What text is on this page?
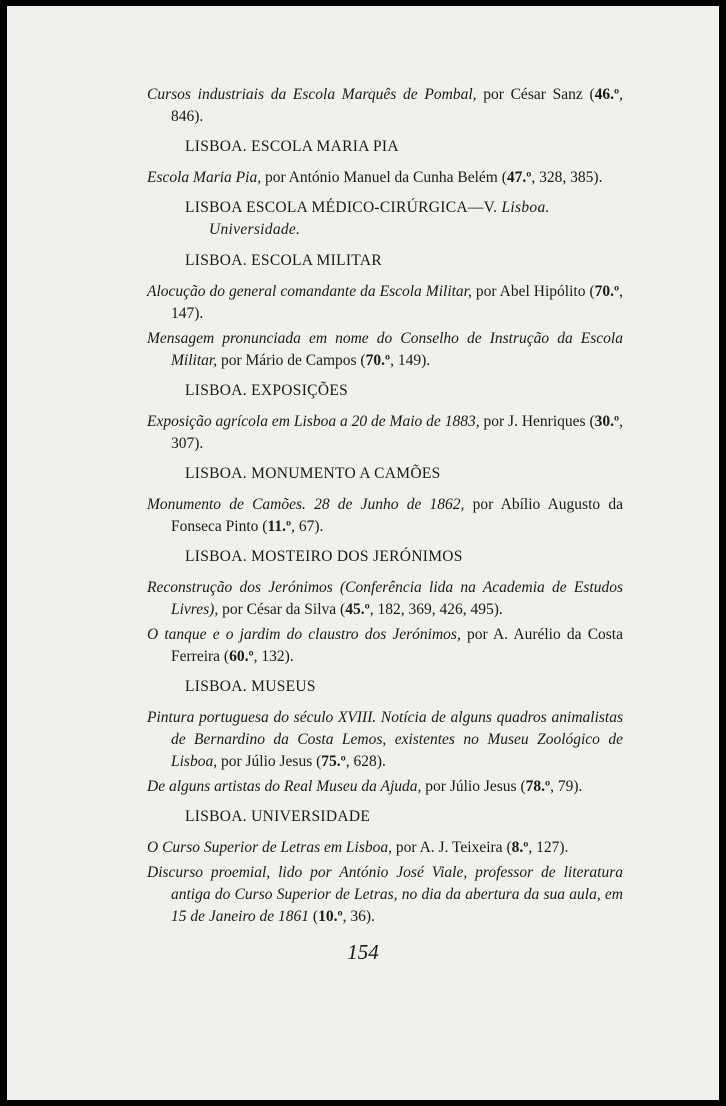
Cursos industriais da Escola Marquês de Pombal, por César Sanz (46.º, 846).
LISBOA. ESCOLA MARIA PIA
Escola Maria Pia, por António Manuel da Cunha Belém (47.º, 328, 385).
LISBOA ESCOLA MÉDICO-CIRÚRGICA—V. Lisboa. Universidade.
LISBOA. ESCOLA MILITAR
Alocução do general comandante da Escola Militar, por Abel Hipólito (70.º, 147).
Mensagem pronunciada em nome do Conselho de Instrução da Escola Militar, por Mário de Campos (70.º, 149).
LISBOA. EXPOSIÇÕES
Exposição agrícola em Lisboa a 20 de Maio de 1883, por J. Henriques (30.º, 307).
LISBOA. MONUMENTO A CAMÕES
Monumento de Camões. 28 de Junho de 1862, por Abílio Augusto da Fonseca Pinto (11.º, 67).
LISBOA. MOSTEIRO DOS JERÓNIMOS
Reconstrução dos Jerónimos (Conferência lida na Academia de Estudos Livres), por César da Silva (45.º, 182, 369, 426, 495).
O tanque e o jardim do claustro dos Jerónimos, por A. Aurélio da Costa Ferreira (60.º, 132).
LISBOA. MUSEUS
Pintura portuguesa do século XVIII. Notícia de alguns quadros animalistas de Bernardino da Costa Lemos, existentes no Museu Zoológico de Lisboa, por Júlio Jesus (75.º, 628).
De alguns artistas do Real Museu da Ajuda, por Júlio Jesus (78.º, 79).
LISBOA. UNIVERSIDADE
O Curso Superior de Letras em Lisboa, por A. J. Teixeira (8.º, 127).
Discurso proemial, lido por António José Viale, professor de literatura antiga do Curso Superior de Letras, no dia da abertura da sua aula, em 15 de Janeiro de 1861 (10.º, 36).
154
